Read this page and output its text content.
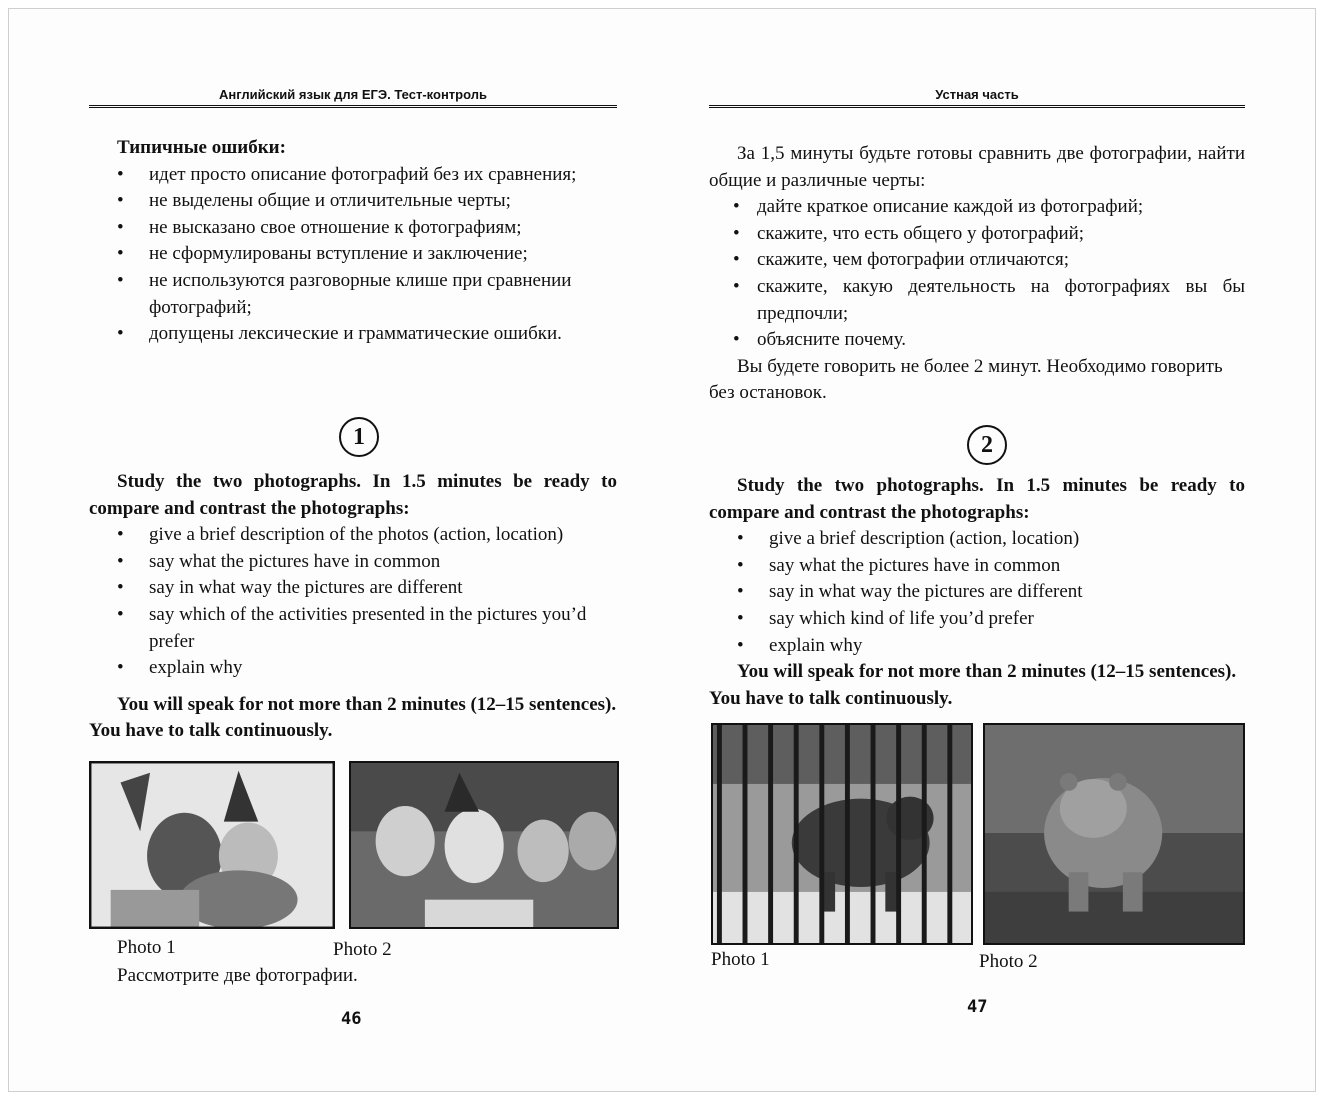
Английский язык для ЕГЭ. Тест-контроль
Типичные ошибки:
• идет просто описание фотографий без их сравнения;
• не выделены общие и отличительные черты;
• не высказано свое отношение к фотографиям;
• не сформулированы вступление и заключение;
• не используются разговорные клише при сравнении фотографий;
• допущены лексические и грамматические ошибки.
1
Study the two photographs. In 1.5 minutes be ready to compare and contrast the photographs:
• give a brief description of the photos (action, location)
• say what the pictures have in common
• say in what way the pictures are different
• say which of the activities presented in the pictures you’d prefer
• explain why
You will speak for not more than 2 minutes (12–15 sentences). You have to talk continuously.
Photo 1	Photo 2
Рассмотрите две фотографии.
46
Устная часть
За 1,5 минуты будьте готовы сравнить две фотографии, найти общие и различные черты:
• дайте краткое описание каждой из фотографий;
• скажите, что есть общего у фотографий;
• скажите, чем фотографии отличаются;
• скажите, какую деятельность на фотографиях вы бы предпочли;
• объясните почему.
Вы будете говорить не более 2 минут. Необходимо говорить без остановок.
2
Study the two photographs. In 1.5 minutes be ready to compare and contrast the photographs:
• give a brief description (action, location)
• say what the pictures have in common
• say in what way the pictures are different
• say which kind of life you’d prefer
• explain why
You will speak for not more than 2 minutes (12–15 sentences). You have to talk continuously.
Photo 1	Photo 2
47
